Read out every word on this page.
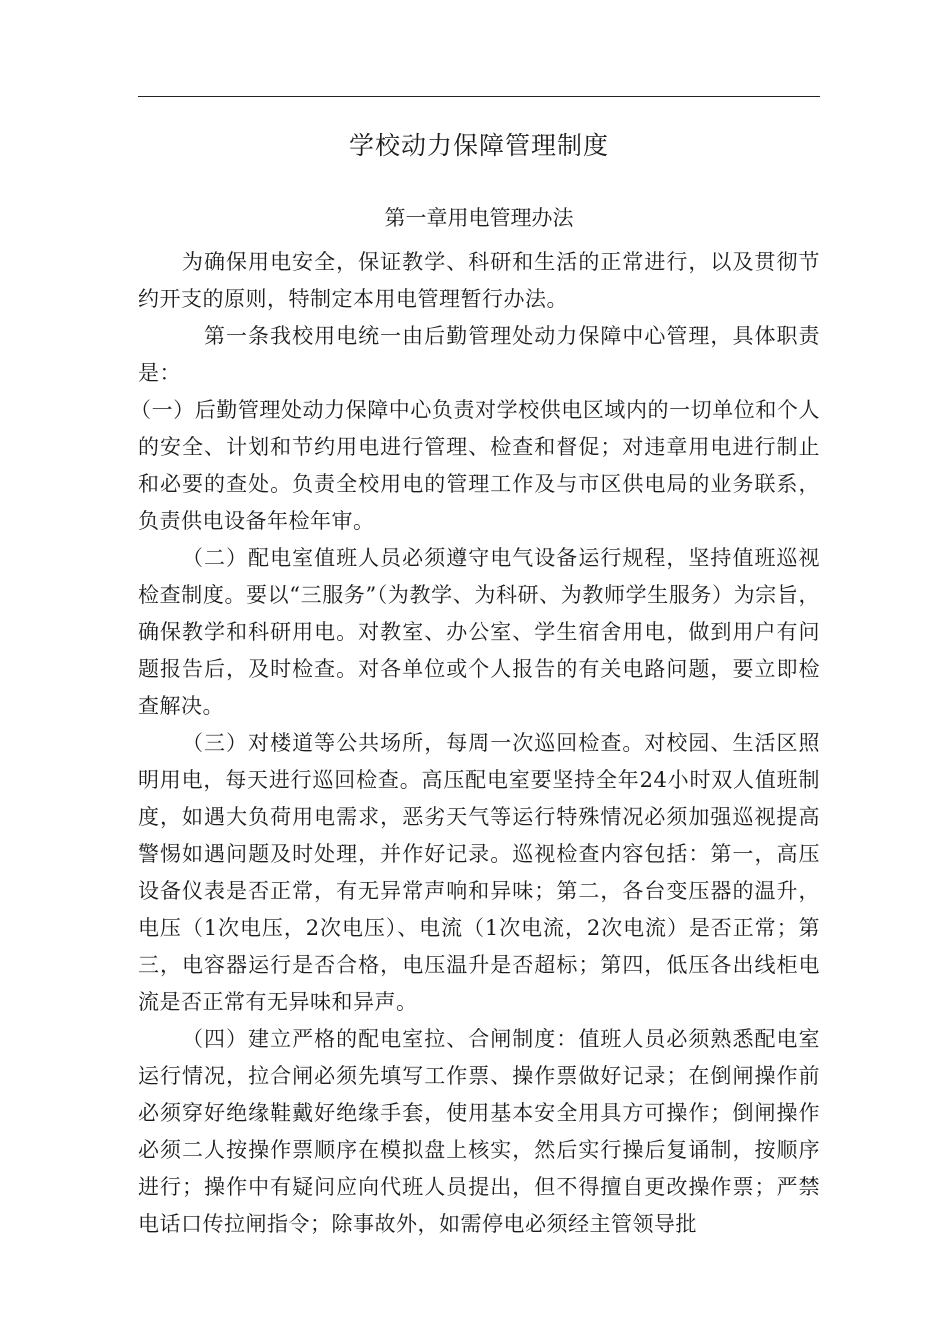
学校动力保障管理制度
第一章用电管理办法

为确保用电安全，保证教学、科研和生活的正常进行，以及贯彻节约开支的原则，特制定本用电管理暂行办法。

第一条我校用电统一由后勤管理处动力保障中心管理，具体职责是：

（一）后勤管理处动力保障中心负责对学校供电区域内的一切单位和个人的安全、计划和节约用电进行管理、检查和督促；对违章用电进行制止和必要的查处。负责全校用电的管理工作及与市区供电局的业务联系，负责供电设备年检年审。

（二）配电室值班人员必须遵守电气设备运行规程，坚持值班巡视检查制度。要以“三服务”（为教学、为科研、为教师学生服务）为宗旨，确保教学和科研用电。对教室、办公室、学生宿舍用电，做到用户有问题报告后，及时检查。对各单位或个人报告的有关电路问题，要立即检查解决。

（三）对楼道等公共场所，每周一次巡回检查。对校园、生活区照明用电，每天进行巡回检查。高压配电室要坚持全年24小时双人值班制度，如遇大负荷用电需求，恶劣天气等运行特殊情况必须加强巡视提高警惕如遇问题及时处理，并作好记录。巡视检查内容包括：第一，高压设备仪表是否正常，有无异常声响和异味；第二，各台变压器的温升，电压（1次电压，2次电压）、电流（1次电流，2次电流）是否正常；第三，电容器运行是否合格，电压温升是否超标；第四，低压各出线柜电流是否正常有无异味和异声。

（四）建立严格的配电室拉、合闸制度：值班人员必须熟悉配电室运行情况，拉合闸必须先填写工作票、操作票做好记录；在倒闸操作前必须穿好绝缘鞋戴好绝缘手套，使用基本安全用具方可操作；倒闸操作必须二人按操作票顺序在模拟盘上核实，然后实行操后复诵制，按顺序进行；操作中有疑问应向代班人员提出，但不得擅自更改操作票；严禁电话口传拉闸指令；除事故外，如需停电必须经主管领导批
